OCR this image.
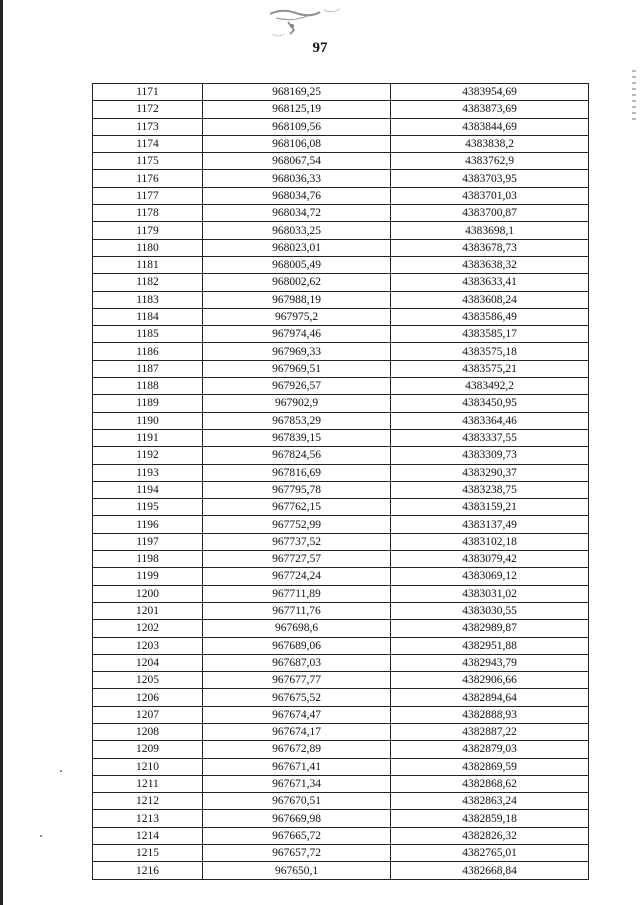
97
1171	968169,25	4383954,69
1172	968125,19	4383873,69
1173	968109,56	4383844,69
1174	968106,08	4383838,2
1175	968067,54	4383762,9
1176	968036,33	4383703,95
1177	968034,76	4383701,03
1178	968034,72	4383700,87
1179	968033,25	4383698,1
1180	968023,01	4383678,73
1181	968005,49	4383638,32
1182	968002,62	4383633,41
1183	967988,19	4383608,24
1184	967975,2	4383586,49
1185	967974,46	4383585,17
1186	967969,33	4383575,18
1187	967969,51	4383575,21
1188	967926,57	4383492,2
1189	967902,9	4383450,95
1190	967853,29	4383364,46
1191	967839,15	4383337,55
1192	967824,56	4383309,73
1193	967816,69	4383290,37
1194	967795,78	4383238,75
1195	967762,15	4383159,21
1196	967752,99	4383137,49
1197	967737,52	4383102,18
1198	967727,57	4383079,42
1199	967724,24	4383069,12
1200	967711,89	4383031,02
1201	967711,76	4383030,55
1202	967698,6	4382989,87
1203	967689,06	4382951,88
1204	967687,03	4382943,79
1205	967677,77	4382906,66
1206	967675,52	4382894,64
1207	967674,47	4382888,93
1208	967674,17	4382887,22
1209	967672,89	4382879,03
1210	967671,41	4382869,59
1211	967671,34	4382868,62
1212	967670,51	4382863,24
1213	967669,98	4382859,18
1214	967665,72	4382826,32
1215	967657,72	4382765,01
1216	967650,1	4382668,84
